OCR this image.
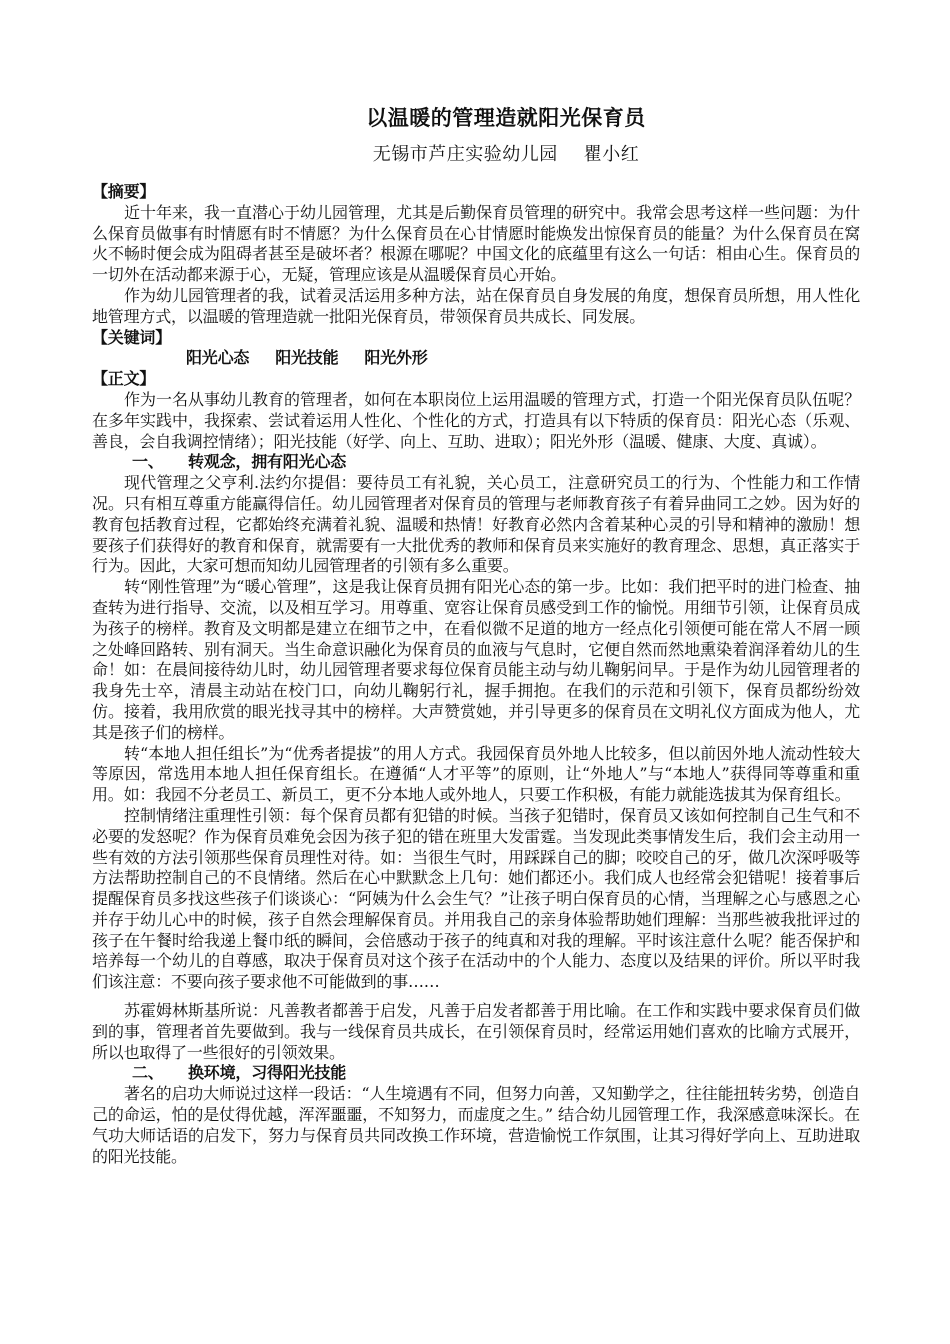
以温暖的管理造就阳光保育员

无锡市芦庄实验幼儿园 瞿小红

【摘要】

近十年来，我一直潜心于幼儿园管理，尤其是后勤保育员管理的研究中。我常会思考这样一些问题：为什么保育员做事有时情愿有时不情愿？为什么保育员在心甘情愿时能焕发出惊保育员的能量？为什么保育员在窝火不畅时便会成为阻碍者甚至是破坏者？根源在哪呢？中国文化的底蕴里有这么一句话：相由心生。保育员的一切外在活动都来源于心，无疑，管理应该是从温暖保育员心开始。

作为幼儿园管理者的我，试着灵活运用多种方法，站在保育员自身发展的角度，想保育员所想，用人性化地管理方式，以温暖的管理造就一批阳光保育员，带领保育员共成长、同发展。

【关键词】

阳光心态 阳光技能 阳光外形

【正文】

作为一名从事幼儿教育的管理者，如何在本职岗位上运用温暖的管理方式，打造一个阳光保育员队伍呢？在多年实践中，我探索、尝试着运用人性化、个性化的方式，打造具有以下特质的保育员：阳光心态（乐观、善良，会自我调控情绪）；阳光技能（好学、向上、互助、进取）；阳光外形（温暖、健康、大度、真诚）。

一、 转观念，拥有阳光心态

现代管理之父亨利.法约尔提倡：要待员工有礼貌，关心员工，注意研究员工的行为、个性能力和工作情况。只有相互尊重方能赢得信任。幼儿园管理者对保育员的管理与老师教育孩子有着异曲同工之妙。因为好的教育包括教育过程，它都始终充满着礼貌、温暖和热情！好教育必然内含着某种心灵的引导和精神的激励！想要孩子们获得好的教育和保育，就需要有一大批优秀的教师和保育员来实施好的教育理念、思想，真正落实于行为。因此，大家可想而知幼儿园管理者的引领有多么重要。

转“刚性管理”为“暖心管理”，这是我让保育员拥有阳光心态的第一步。比如：我们把平时的进门检查、抽查转为进行指导、交流，以及相互学习。用尊重、宽容让保育员感受到工作的愉悦。用细节引领，让保育员成为孩子的榜样。教育及文明都是建立在细节之中，在看似微不足道的地方一经点化引领便可能在常人不屑一顾之处峰回路转、别有洞天。当生命意识融化为保育员的血液与气息时，它便自然而然地熏染着润泽着幼儿的生命！如：在晨间接待幼儿时，幼儿园管理者要求每位保育员能主动与幼儿鞠躬问早。于是作为幼儿园管理者的我身先士卒，清晨主动站在校门口，向幼儿鞠躬行礼，握手拥抱。在我们的示范和引领下，保育员都纷纷效仿。接着，我用欣赏的眼光找寻其中的榜样。大声赞赏她，并引导更多的保育员在文明礼仪方面成为他人，尤其是孩子们的榜样。

转“本地人担任组长”为“优秀者提拔”的用人方式。我园保育员外地人比较多，但以前因外地人流动性较大等原因，常选用本地人担任保育组长。在遵循“人才平等”的原则，让“外地人”与“本地人”获得同等尊重和重用。如：我园不分老员工、新员工，更不分本地人或外地人，只要工作积极，有能力就能选拔其为保育组长。

控制情绪注重理性引领：每个保育员都有犯错的时候。当孩子犯错时，保育员又该如何控制自己生气和不必要的发怒呢？作为保育员难免会因为孩子犯的错在班里大发雷霆。当发现此类事情发生后，我们会主动用一些有效的方法引领那些保育员理性对待。如：当很生气时，用踩踩自己的脚；咬咬自己的牙，做几次深呼吸等方法帮助控制自己的不良情绪。然后在心中默默念上几句：她们都还小。我们成人也经常会犯错呢！接着事后提醒保育员多找这些孩子们谈谈心：“阿姨为什么会生气？”让孩子明白保育员的心情，当理解之心与感恩之心并存于幼儿心中的时候，孩子自然会理解保育员。并用我自己的亲身体验帮助她们理解：当那些被我批评过的孩子在午餐时给我递上餐巾纸的瞬间，会倍感动于孩子的纯真和对我的理解。平时该注意什么呢？能否保护和培养每一个幼儿的自尊感，取决于保育员对这个孩子在活动中的个人能力、态度以及结果的评价。所以平时我们该注意：不要向孩子要求他不可能做到的事……

苏霍姆林斯基所说：凡善教者都善于启发，凡善于启发者都善于用比喻。在工作和实践中要求保育员们做到的事，管理者首先要做到。我与一线保育员共成长，在引领保育员时，经常运用她们喜欢的比喻方式展开，所以也取得了一些很好的引领效果。

二、 换环境，习得阳光技能

著名的启功大师说过这样一段话：“人生境遇有不同，但努力向善，又知勤学之，往往能扭转劣势，创造自己的命运，怕的是仗得优越，浑浑噩噩，不知努力，而虚度之生。” 结合幼儿园管理工作，我深感意味深长。在气功大师话语的启发下，努力与保育员共同改换工作环境，营造愉悦工作氛围，让其习得好学向上、互助进取的阳光技能。
